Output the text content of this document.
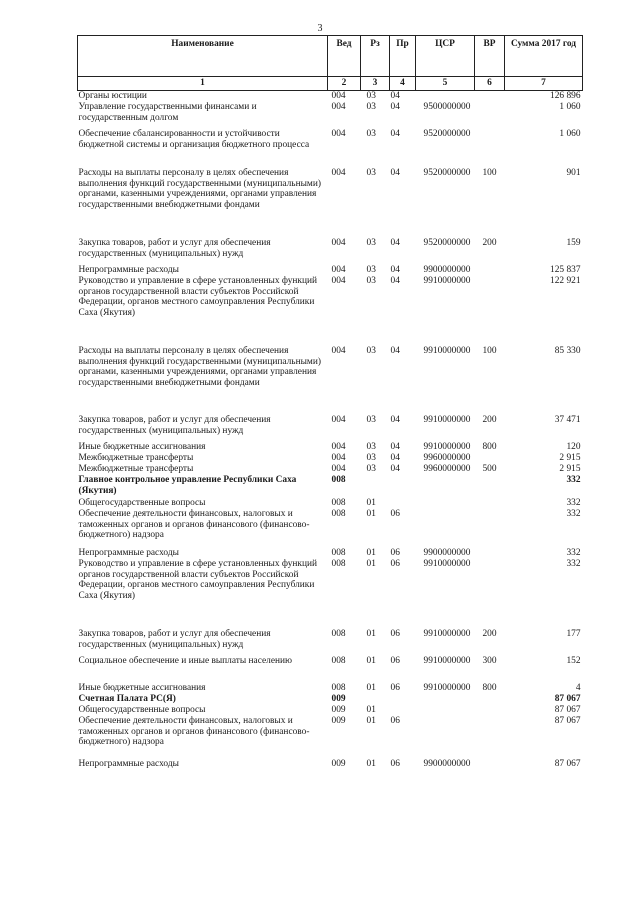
3
Наименование	Вед	Рз	Пр	ЦСР	ВР	Сумма 2017 год
1	2	3	4	5	6	7
Органы юстиции	004	03	04			126 896
Управление государственными финансами и государственным долгом	004	03	04	9500000000		1 060
Обеспечение сбалансированности и устойчивости бюджетной системы и организация бюджетного процесса	004	03	04	9520000000		1 060
Расходы на выплаты персоналу в целях обеспечения выполнения функций государственными (муниципальными) органами, казенными учреждениями, органами управления государственными внебюджетными фондами	004	03	04	9520000000	100	901
Закупка товаров, работ и услуг для обеспечения государственных (муниципальных) нужд	004	03	04	9520000000	200	159
Непрограммные расходы	004	03	04	9900000000		125 837
Руководство и управление в сфере установленных функций органов государственной власти субъектов Российской Федерации, органов местного самоуправления Республики Саха (Якутия)	004	03	04	9910000000		122 921
Расходы на выплаты персоналу в целях обеспечения выполнения функций государственными (муниципальными) органами, казенными учреждениями, органами управления государственными внебюджетными фондами	004	03	04	9910000000	100	85 330
Закупка товаров, работ и услуг для обеспечения государственных (муниципальных) нужд	004	03	04	9910000000	200	37 471
Иные бюджетные ассигнования	004	03	04	9910000000	800	120
Межбюджетные трансферты	004	03	04	9960000000		2 915
Межбюджетные трансферты	004	03	04	9960000000	500	2 915
Главное контрольное управление Республики Саха (Якутия)	008					332
Общегосударственные вопросы	008	01				332
Обеспечение деятельности финансовых, налоговых и таможенных органов и органов финансового (финансово-бюджетного) надзора	008	01	06			332
Непрограммные расходы	008	01	06	9900000000		332
Руководство и управление в сфере установленных функций органов государственной власти субъектов Российской Федерации, органов местного самоуправления Республики Саха (Якутия)	008	01	06	9910000000		332
Закупка товаров, работ и услуг для обеспечения государственных (муниципальных) нужд	008	01	06	9910000000	200	177
Социальное обеспечение и иные выплаты населению	008	01	06	9910000000	300	152
Иные бюджетные ассигнования	008	01	06	9910000000	800	4
Счетная Палата РС(Я)	009					87 067
Общегосударственные вопросы	009	01				87 067
Обеспечение деятельности финансовых, налоговых и таможенных органов и органов финансового (финансово-бюджетного) надзора	009	01	06			87 067
Непрограммные расходы	009	01	06	9900000000		87 067
